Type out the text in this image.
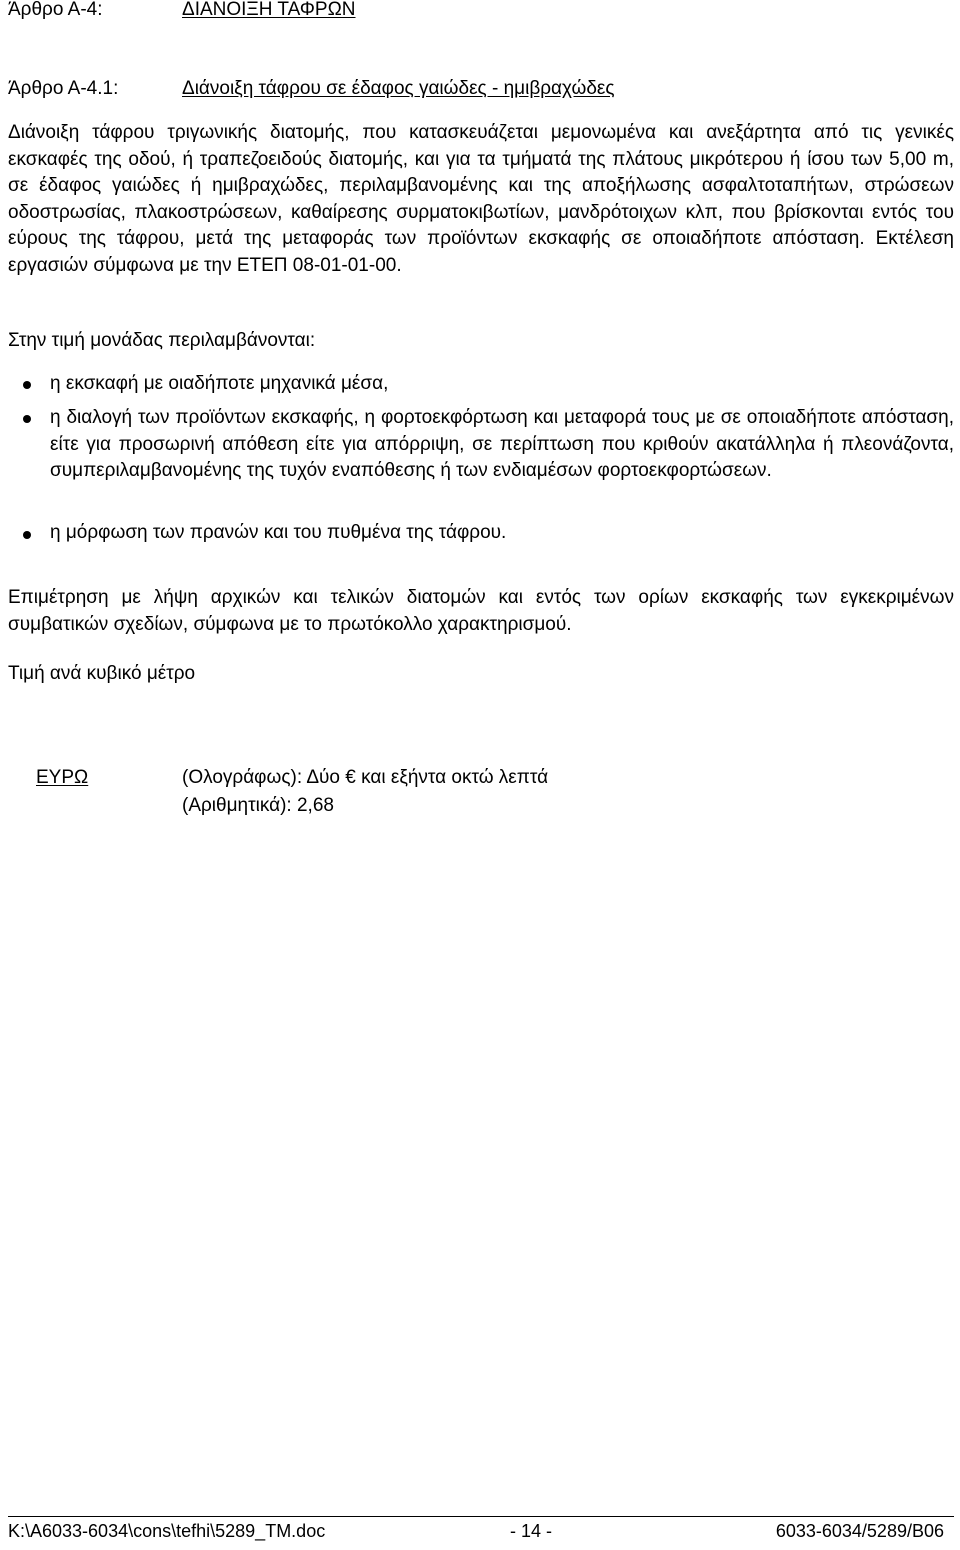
Άρθρο Α-4:	ΔΙΑΝΟΙΞΗ ΤΑΦΡΩΝ
Άρθρο Α-4.1:	Διάνοιξη τάφρου σε έδαφος γαιώδες - ημιβραχώδες
Διάνοιξη τάφρου τριγωνικής διατομής, που κατασκευάζεται μεμονωμένα και ανεξάρτητα από τις γενικές εκσκαφές της οδού, ή τραπεζοειδούς διατομής, και για τα τμήματά της πλάτους μικρότερου ή ίσου των 5,00 m, σε έδαφος γαιώδες ή ημιβραχώδες, περιλαμβανομένης και της αποξήλωσης ασφαλτοταπήτων, στρώσεων οδοστρωσίας, πλακοστρώσεων, καθαίρεσης συρματοκιβωτίων, μανδρότοιχων κλπ, που βρίσκονται εντός του εύρους της τάφρου, μετά της μεταφοράς των προϊόντων εκσκαφής σε οποιαδήποτε απόσταση. Εκτέλεση εργασιών σύμφωνα με την ΕΤΕΠ 08-01-01-00.
Στην τιμή μονάδας περιλαμβάνονται:
η εκσκαφή με οιαδήποτε μηχανικά μέσα,
η διαλογή των προϊόντων εκσκαφής, η φορτοεκφόρτωση και μεταφορά τους με σε οποιαδήποτε απόσταση, είτε για προσωρινή απόθεση είτε για απόρριψη, σε περίπτωση που κριθούν ακατάλληλα ή πλεονάζοντα, συμπεριλαμβανομένης της τυχόν εναπόθεσης ή των ενδιαμέσων φορτοεκφορτώσεων.
η μόρφωση των πρανών και του πυθμένα της τάφρου.
Επιμέτρηση με λήψη αρχικών και τελικών διατομών και εντός των ορίων εκσκαφής των εγκεκριμένων συμβατικών σχεδίων, σύμφωνα με το πρωτόκολλο χαρακτηρισμού.
Τιμή ανά κυβικό μέτρο
ΕΥΡΩ	(Ολογράφως): Δύο € και εξήντα οκτώ λεπτά
(Αριθμητικά): 2,68
K:\A6033-6034\cons\tefhi\5289_TM.doc	- 14 -	6033-6034/5289/B06
